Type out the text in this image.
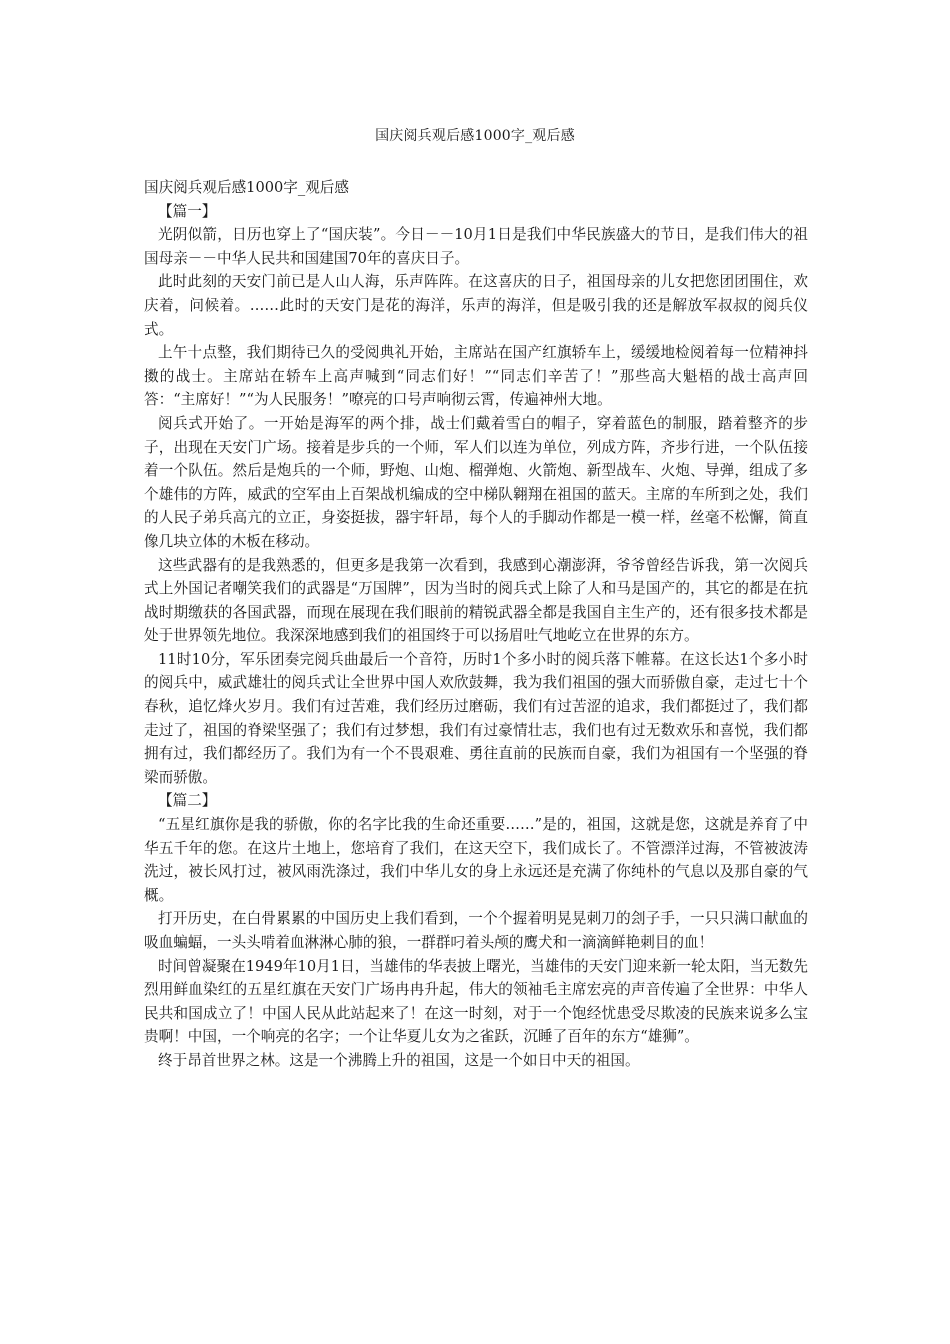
国庆阅兵观后感1000字_观后感

国庆阅兵观后感1000字_观后感

【篇一】

光阴似箭，日历也穿上了“国庆装”。今日－－10月1日是我们中华民族盛大的节日，是我们伟大的祖国母亲－－中华人民共和国建国70年的喜庆日子。

此时此刻的天安门前已是人山人海，乐声阵阵。在这喜庆的日子，祖国母亲的儿女把您团团围住，欢庆着，问候着。……此时的天安门是花的海洋，乐声的海洋，但是吸引我的还是解放军叔叔的阅兵仪式。

上午十点整，我们期待已久的受阅典礼开始，主席站在国产红旗轿车上，缓缓地检阅着每一位精神抖擞的战士。主席站在轿车上高声喊到“同志们好！”“同志们辛苦了！”那些高大魁梧的战士高声回答：“主席好！”“为人民服务！”嘹亮的口号声响彻云霄，传遍神州大地。

阅兵式开始了。一开始是海军的两个排，战士们戴着雪白的帽子，穿着蓝色的制服，踏着整齐的步子，出现在天安门广场。接着是步兵的一个师，军人们以连为单位，列成方阵，齐步行进，一个队伍接着一个队伍。然后是炮兵的一个师，野炮、山炮、榴弹炮、火箭炮、新型战车、火炮、导弹，组成了多个雄伟的方阵，威武的空军由上百架战机编成的空中梯队翱翔在祖国的蓝天。主席的车所到之处，我们的人民子弟兵高亢的立正，身姿挺拔，器宇轩昂，每个人的手脚动作都是一模一样，丝毫不松懈，简直像几块立体的木板在移动。

这些武器有的是我熟悉的，但更多是我第一次看到，我感到心潮澎湃，爷爷曾经告诉我，第一次阅兵式上外国记者嘲笑我们的武器是“万国牌”，因为当时的阅兵式上除了人和马是国产的，其它的都是在抗战时期缴获的各国武器，而现在展现在我们眼前的精锐武器全都是我国自主生产的，还有很多技术都是处于世界领先地位。我深深地感到我们的祖国终于可以扬眉吐气地屹立在世界的东方。

11时10分，军乐团奏完阅兵曲最后一个音符，历时1个多小时的阅兵落下帷幕。在这长达1个多小时的阅兵中，威武雄壮的阅兵式让全世界中国人欢欣鼓舞，我为我们祖国的强大而骄傲自豪，走过七十个春秋，追忆烽火岁月。我们有过苦难，我们经历过磨砺，我们有过苦涩的追求，我们都挺过了，我们都走过了，祖国的脊梁坚强了；我们有过梦想，我们有过豪情壮志，我们也有过无数欢乐和喜悦，我们都拥有过，我们都经历了。我们为有一个不畏艰难、勇往直前的民族而自豪，我们为祖国有一个坚强的脊梁而骄傲。

【篇二】

“五星红旗你是我的骄傲，你的名字比我的生命还重要……”是的，祖国，这就是您，这就是养育了中华五千年的您。在这片土地上，您培育了我们，在这天空下，我们成长了。不管漂洋过海，不管被波涛洗过，被长风打过，被风雨洗涤过，我们中华儿女的身上永远还是充满了你纯朴的气息以及那自豪的气概。

打开历史，在白骨累累的中国历史上我们看到，一个个握着明晃晃刺刀的刽子手，一只只满口献血的吸血蝙蝠，一头头啃着血淋淋心肺的狼，一群群叼着头颅的鹰犬和一滴滴鲜艳刺目的血！

时间曾凝聚在1949年10月1日，当雄伟的华表披上曙光，当雄伟的天安门迎来新一轮太阳，当无数先烈用鲜血染红的五星红旗在天安门广场冉冉升起，伟大的领袖毛主席宏亮的声音传遍了全世界：中华人民共和国成立了！中国人民从此站起来了！在这一时刻，对于一个饱经忧患受尽欺凌的民族来说多么宝贵啊！中国，一个响亮的名字；一个让华夏儿女为之雀跃，沉睡了百年的东方“雄狮”。

终于昂首世界之林。这是一个沸腾上升的祖国，这是一个如日中天的祖国。
